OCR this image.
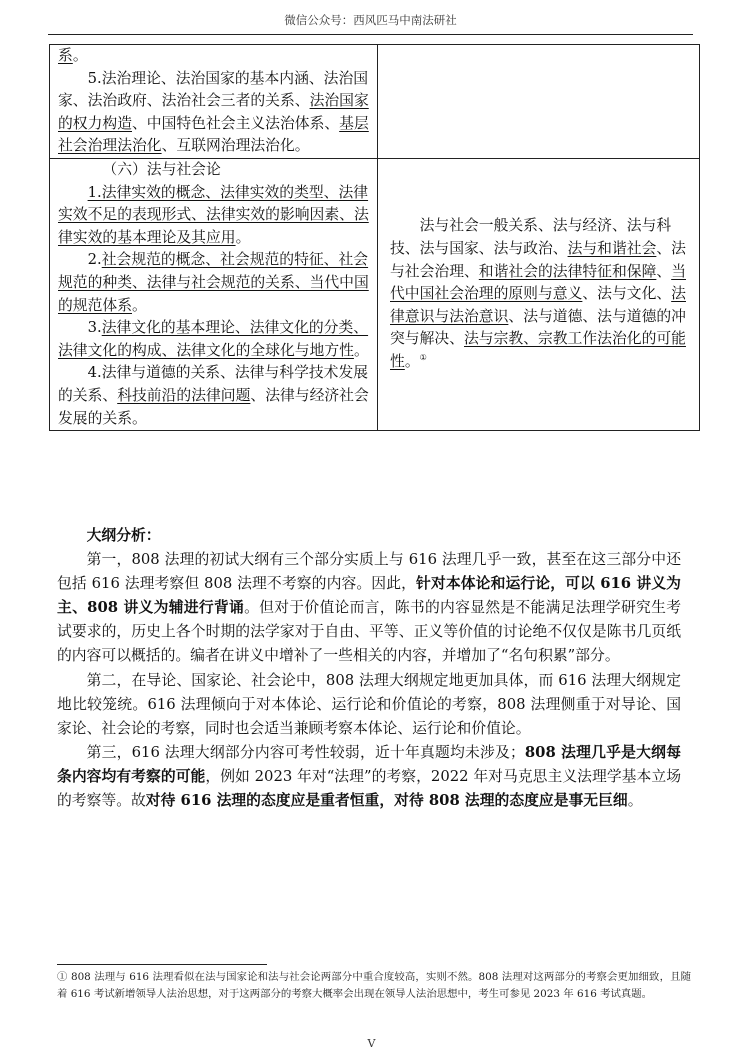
微信公众号：西风匹马中南法研社

系。

5.法治理论、法治国家的基本内涵、法治国家、法治政府、法治社会三者的关系、法治国家的权力构造、中国特色社会主义法治体系、基层社会治理法治化、互联网治理法治化。	

（六）法与社会论

1.法律实效的概念、法律实效的类型、法律实效不足的表现形式、法律实效的影响因素、法律实效的基本理论及其应用。

2.社会规范的概念、社会规范的特征、社会规范的种类、法律与社会规范的关系、当代中国的规范体系。

3.法律文化的基本理论、法律文化的分类、法律文化的构成、法律文化的全球化与地方性。

4.法律与道德的关系、法律与科学技术发展的关系、科技前沿的法律问题、法律与经济社会发展的关系。	法与社会一般关系、法与经济、法与科技、法与国家、法与政治、法与和谐社会、法与社会治理、和谐社会的法律特征和保障、当代中国社会治理的原则与意义、法与文化、法律意识与法治意识、法与道德、法与道德的冲突与解决、法与宗教、宗教工作法治化的可能性。①

大纲分析：

第一，808 法理的初试大纲有三个部分实质上与 616 法理几乎一致，甚至在这三部分中还包括 616 法理考察但 808 法理不考察的内容。因此，针对本体论和运行论，可以 616 讲义为主、808 讲义为辅进行背诵。但对于价值论而言，陈书的内容显然是不能满足法理学研究生考试要求的，历史上各个时期的法学家对于自由、平等、正义等价值的讨论绝不仅仅是陈书几页纸的内容可以概括的。编者在讲义中增补了一些相关的内容，并增加了“名句积累”部分。

第二，在导论、国家论、社会论中，808 法理大纲规定地更加具体，而 616 法理大纲规定地比较笼统。616 法理倾向于对本体论、运行论和价值论的考察，808 法理侧重于对导论、国家论、社会论的考察，同时也会适当兼顾考察本体论、运行论和价值论。

第三，616 法理大纲部分内容可考性较弱，近十年真题均未涉及；808 法理几乎是大纲每条内容均有考察的可能，例如 2023 年对“法理”的考察，2022 年对马克思主义法理学基本立场的考察等。故对待 616 法理的态度应是重者恒重，对待 808 法理的态度应是事无巨细。

① 808 法理与 616 法理看似在法与国家论和法与社会论两部分中重合度较高，实则不然。808 法理对这两部分的考察会更加细致，且随着 616 考试新增领导人法治思想，对于这两部分的考察大概率会出现在领导人法治思想中，考生可参见 2023 年 616 考试真题。
V
